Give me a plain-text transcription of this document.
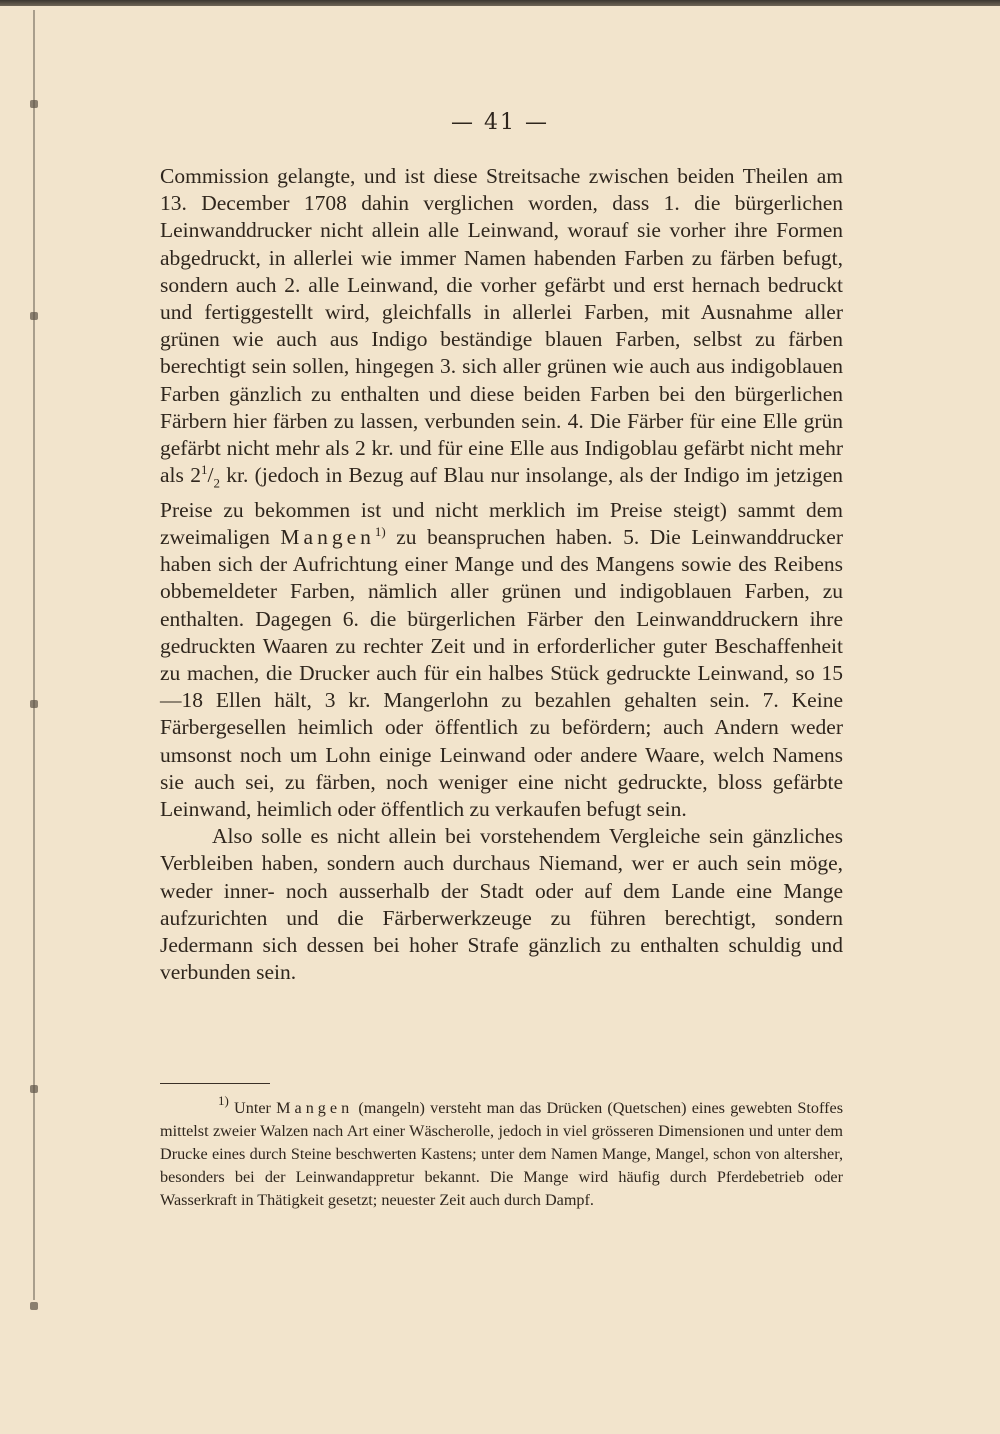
— 41 —

Commission gelangte, und ist diese Streitsache zwischen beiden Theilen am 13. December 1708 dahin verglichen worden, dass 1. die bürgerlichen Leinwanddrucker nicht allein alle Leinwand, worauf sie vorher ihre Formen abgedruckt, in allerlei wie immer Namen habenden Farben zu färben befugt, sondern auch 2. alle Leinwand, die vorher gefärbt und erst hernach bedruckt und fertiggestellt wird, gleichfalls in allerlei Farben, mit Ausnahme aller grünen wie auch aus Indigo beständige blauen Farben, selbst zu färben berechtigt sein sollen, hingegen 3. sich aller grünen wie auch aus indigoblauen Farben gänzlich zu enthalten und diese beiden Farben bei den bürgerlichen Färbern hier färben zu lassen, verbunden sein. 4. Die Färber für eine Elle grün gefärbt nicht mehr als 2 kr. und für eine Elle aus Indigoblau gefärbt nicht mehr als $2^1/_2$ kr. (jedoch in Bezug auf Blau nur insolange, als der Indigo im jetzigen Preise zu bekommen ist und nicht merklich im Preise steigt) sammt dem zweimaligen Mangen$^{1)}$ zu beanspruchen haben. 5. Die Leinwanddrucker haben sich der Aufrichtung einer Mange und des Mangens sowie des Reibens obbemeldeter Farben, nämlich aller grünen und indigoblauen Farben, zu enthalten. Dagegen 6. die bürgerlichen Färber den Leinwanddruckern ihre gedruckten Waaren zu rechter Zeit und in erforderlicher guter Beschaffenheit zu machen, die Drucker auch für ein halbes Stück gedruckte Leinwand, so 15—18 Ellen hält, 3 kr. Mangerlohn zu bezahlen gehalten sein. 7. Keine Färbergesellen heimlich oder öffentlich zu befördern; auch Andern weder umsonst noch um Lohn einige Leinwand oder andere Waare, welch Namens sie auch sei, zu färben, noch weniger eine nicht gedruckte, bloss gefärbte Leinwand, heimlich oder öffentlich zu verkaufen befugt sein.

Also solle es nicht allein bei vorstehendem Vergleiche sein gänzliches Verbleiben haben, sondern auch durchaus Niemand, wer er auch sein möge, weder inner- noch ausserhalb der Stadt oder auf dem Lande eine Mange aufzurichten und die Färberwerkzeuge zu führen berechtigt, sondern Jedermann sich dessen bei hoher Strafe gänzlich zu enthalten schuldig und verbunden sein.

$^{1)}$ Unter Mangen (mangeln) versteht man das Drücken (Quetschen) eines gewebten Stoffes mittelst zweier Walzen nach Art einer Wäscherolle, jedoch in viel grösseren Dimensionen und unter dem Drucke eines durch Steine beschwerten Kastens; unter dem Namen Mange, Mangel, schon von altersher, besonders bei der Leinwandappretur bekannt. Die Mange wird häufig durch Pferdebetrieb oder Wasserkraft in Thätigkeit gesetzt; neuester Zeit auch durch Dampf.
